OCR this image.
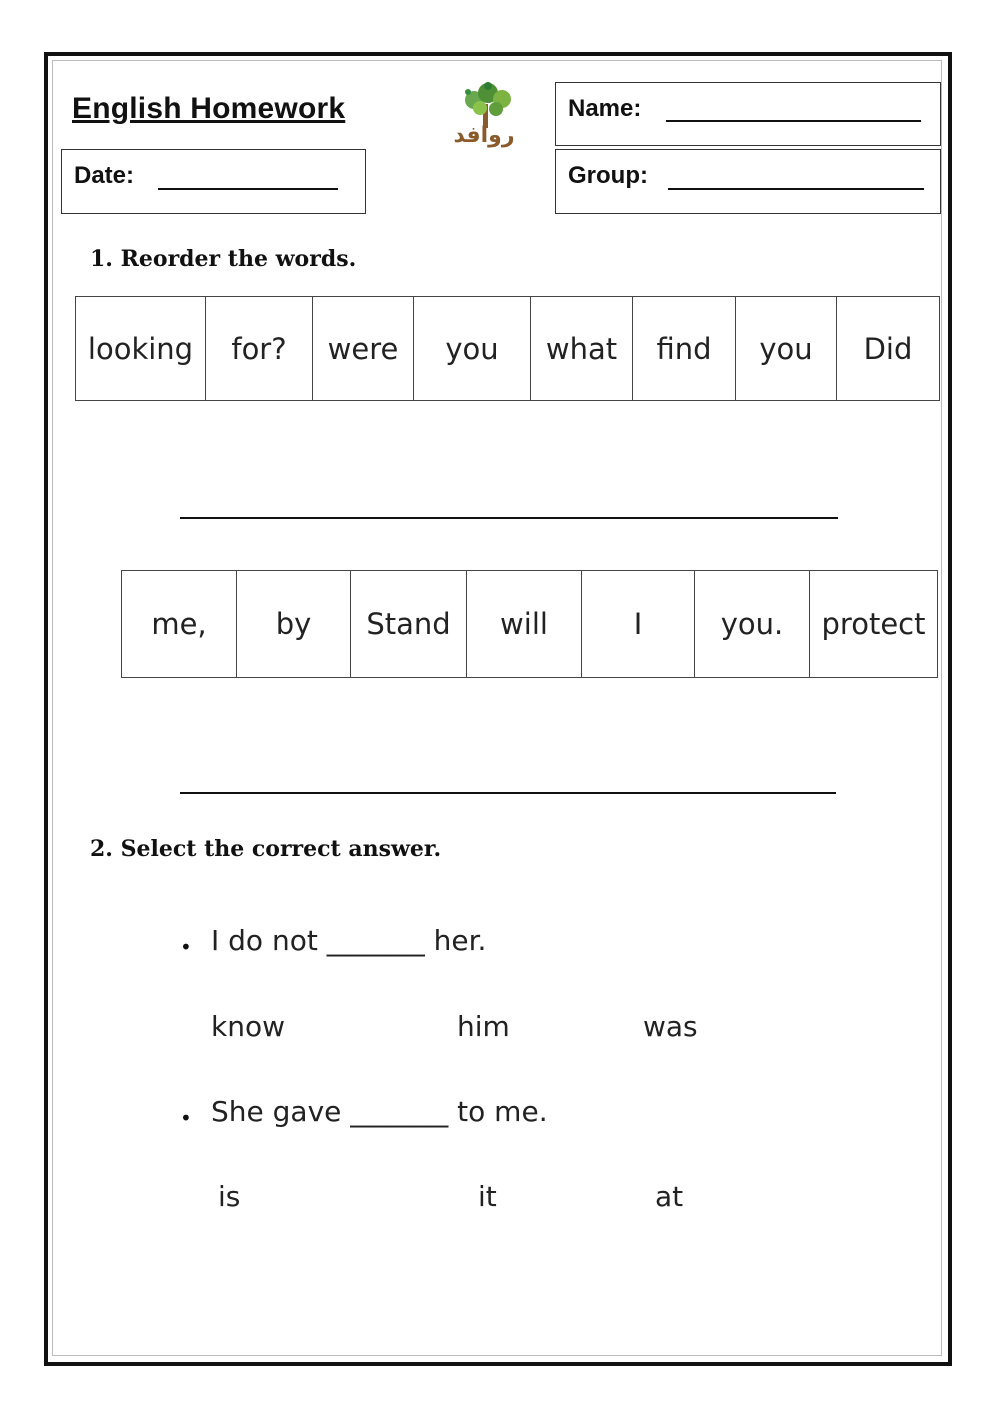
English Homework
روافد
Name:
Date:	Group:
1. Reorder the words.
looking	for?	were	you	what	find	you	Did
me,	by	Stand	will	I	you.	protect
2. Select the correct answer.
• I do not _______ her.
know	him	was
• She gave _______ to me.
is	it	at
